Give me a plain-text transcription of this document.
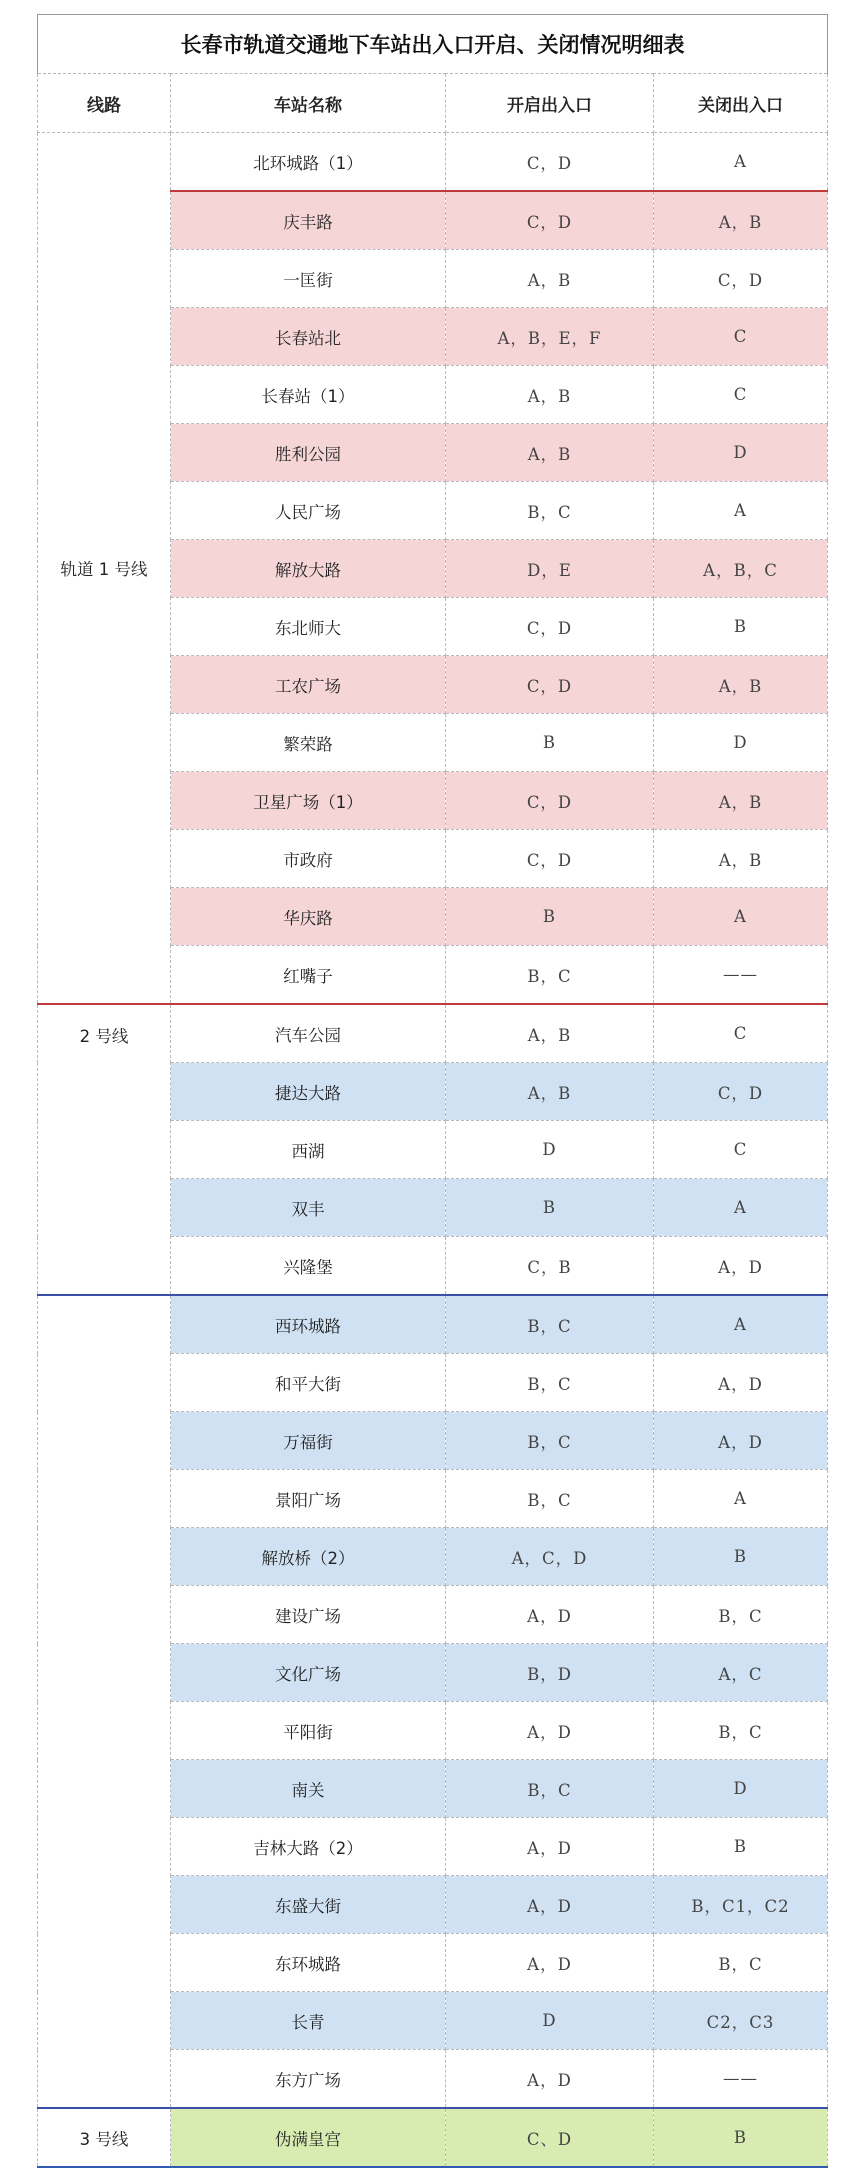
长春市轨道交通地下车站出入口开启、关闭情况明细表			
线路	车站名称	开启出入口	关闭出入口
轨道 1 号线	北环城路（1）	C，D	A
	庆丰路	C，D	A，B
	一匡街	A，B	C，D
	长春站北	A，B，E，F	C
	长春站（1）	A，B	C
	胜利公园	A，B	D
	人民广场	B，C	A
	解放大路	D，E	A，B，C
	东北师大	C，D	B
	工农广场	C，D	A，B
	繁荣路	B	D
	卫星广场（1）	C，D	A，B
	市政府	C，D	A，B
	华庆路	B	A
	红嘴子	B，C	——
2 号线	汽车公园	A，B	C
	捷达大路	A，B	C，D
	西湖	D	C
	双丰	B	A
	兴隆堡	C，B	A，D
	西环城路	B，C	A
	和平大街	B，C	A，D
	万福街	B，C	A，D
	景阳广场	B，C	A
	解放桥（2）	A，C，D	B
	建设广场	A，D	B，C
	文化广场	B，D	A，C
	平阳街	A，D	B，C
	南关	B，C	D
	吉林大路（2）	A，D	B
	东盛大街	A，D	B，C1，C2
	东环城路	A，D	B，C
	长青	D	C2，C3
	东方广场	A，D	——
3 号线	伪满皇宫	C、D	B
